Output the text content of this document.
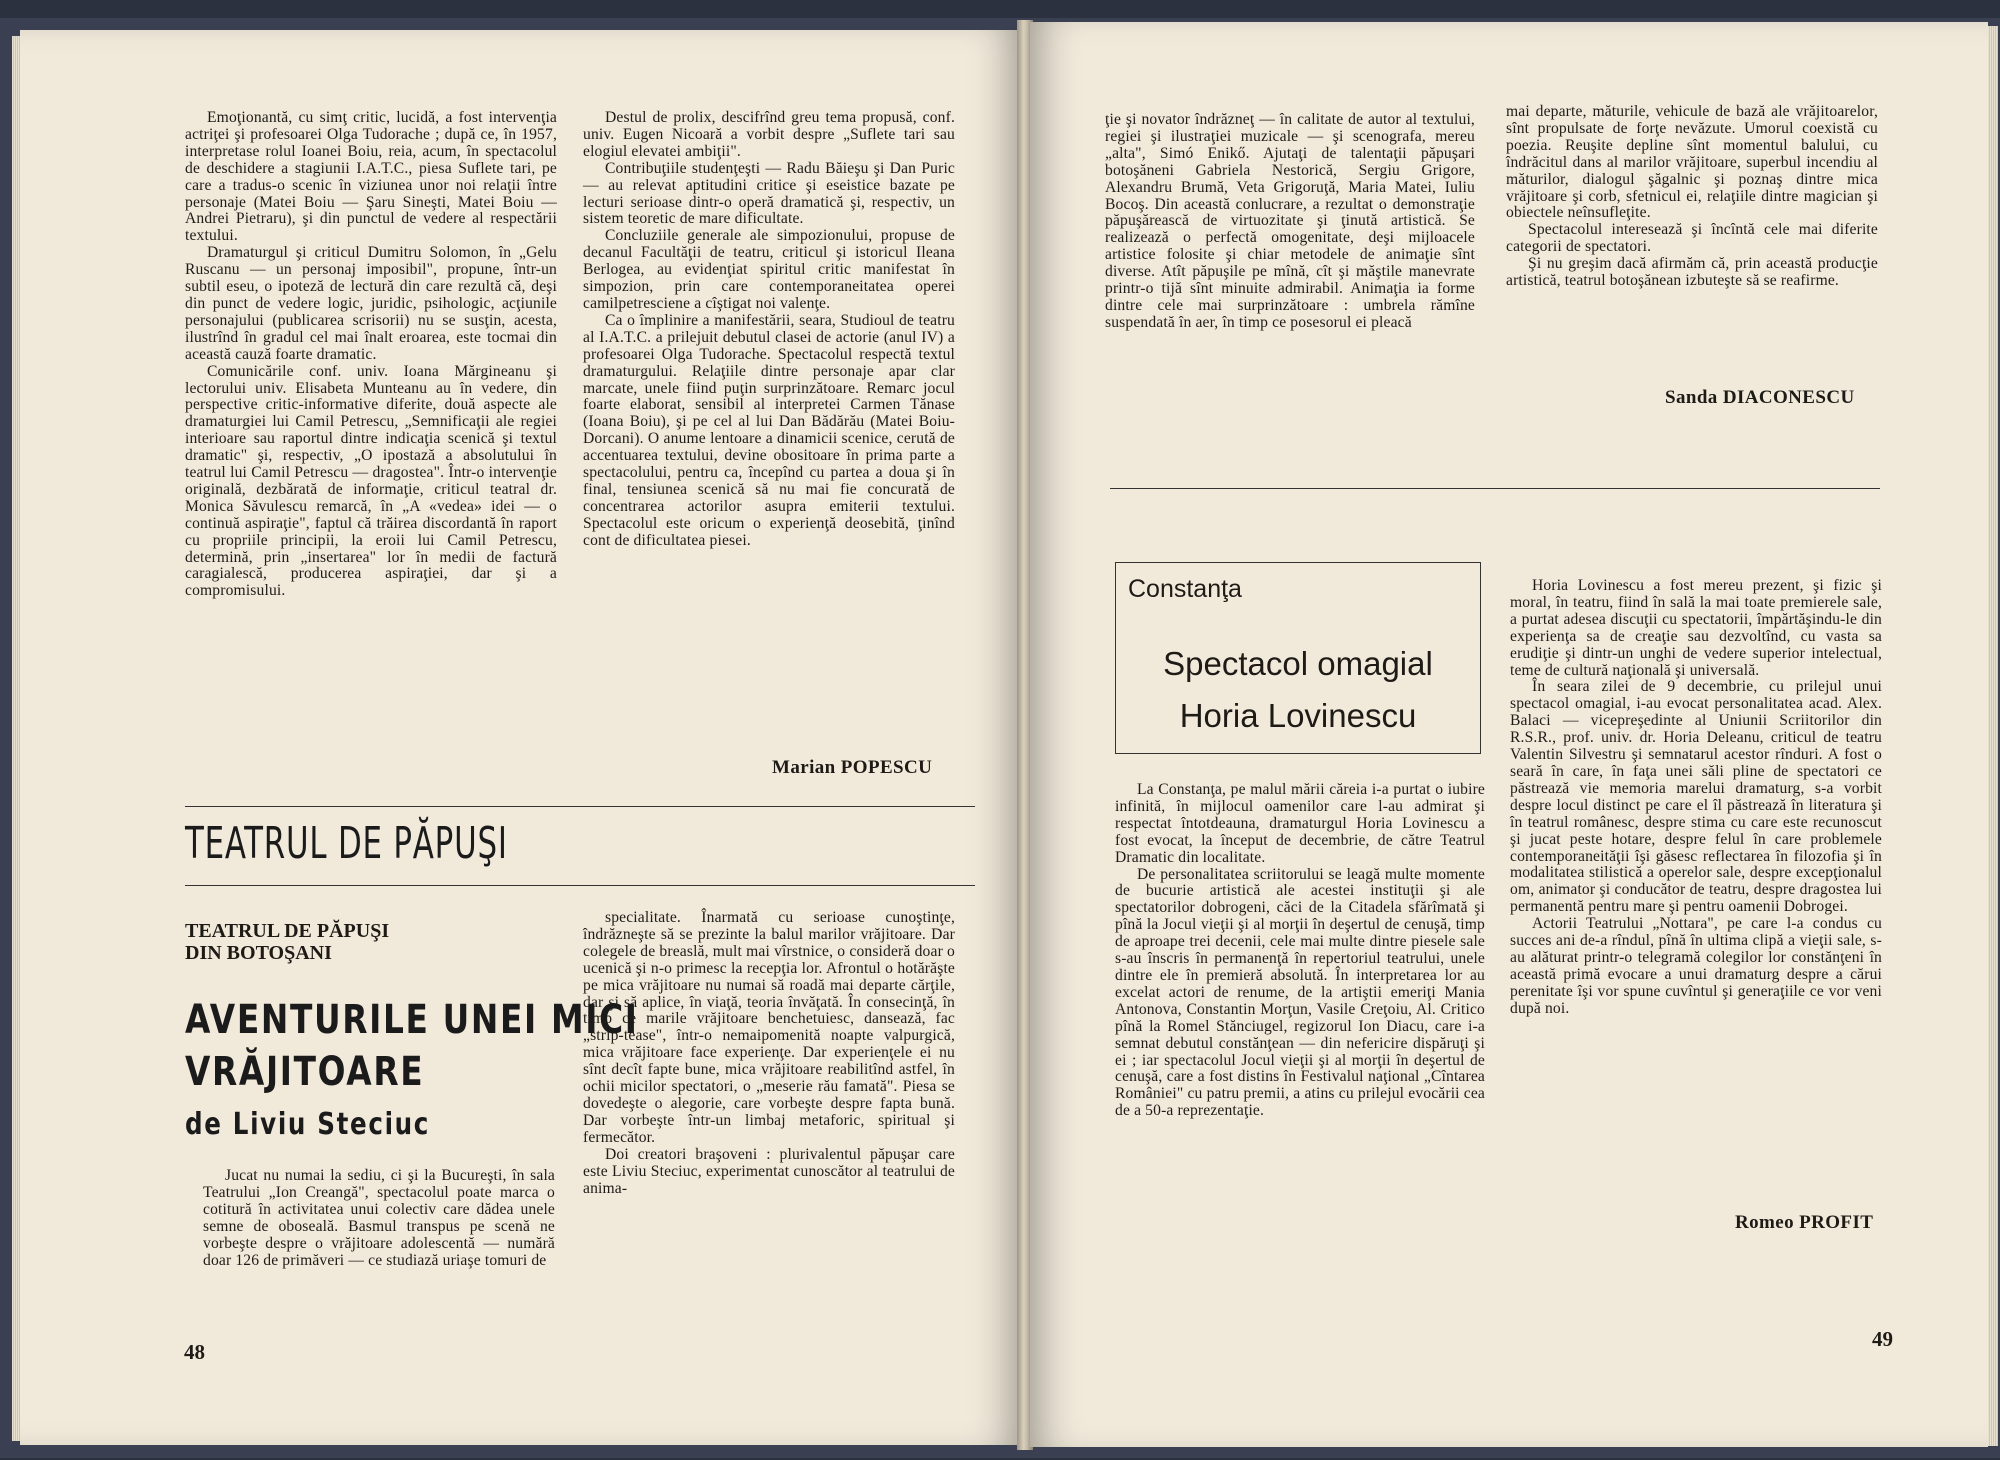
Emoţionantă, cu simţ critic, lucidă, a fost intervenţia actriţei şi profesoarei Olga Tudorache ; după ce, în 1957, interpretase rolul Ioanei Boiu, reia, acum, în spectacolul de deschidere a stagiunii I.A.T.C., piesa Suflete tari, pe care a tradus-o scenic în viziunea unor noi relaţii între personaje (Matei Boiu — Şaru Sineşti, Matei Boiu — Andrei Pietraru), şi din punctul de vedere al respectării textului.

Dramaturgul şi criticul Dumitru Solomon, în „Gelu Ruscanu — un personaj imposibil", propune, într-un subtil eseu, o ipoteză de lectură din care rezultă că, deşi din punct de vedere logic, juridic, psihologic, acţiunile personajului (publicarea scrisorii) nu se susţin, acesta, ilustrînd în gradul cel mai înalt eroarea, este tocmai din această cauză foarte dramatic.

Comunicările conf. univ. Ioana Mărgineanu şi lectorului univ. Elisabeta Munteanu au în vedere, din perspective critic-informative diferite, două aspecte ale dramaturgiei lui Camil Petrescu, „Semnificaţii ale regiei interioare sau raportul dintre indicaţia scenică şi textul dramatic" şi, respectiv, „O ipostază a absolutului în teatrul lui Camil Petrescu — dragostea". Într-o intervenţie originală, dezbărată de informaţie, criticul teatral dr. Monica Săvulescu remarcă, în „A «vedea» idei — o continuă aspiraţie", faptul că trăirea discordantă în raport cu propriile principii, la eroii lui Camil Petrescu, determină, prin „insertarea" lor în medii de factură caragialescă, producerea aspiraţiei, dar şi a compromisului.

Destul de prolix, descifrînd greu tema propusă, conf. univ. Eugen Nicoară a vorbit despre „Suflete tari sau elogiul elevatei ambiţii".

Contribuţiile studenţeşti — Radu Băieşu şi Dan Puric — au relevat aptitudini critice şi eseistice bazate pe lecturi serioase dintr-o operă dramatică şi, respectiv, un sistem teoretic de mare dificultate.

Concluziile generale ale simpozionului, propuse de decanul Facultăţii de teatru, criticul şi istoricul Ileana Berlogea, au evidenţiat spiritul critic manifestat în simpozion, prin care contemporaneitatea operei camilpetresciene a cîştigat noi valenţe.

Ca o împlinire a manifestării, seara, Studioul de teatru al I.A.T.C. a prilejuit debutul clasei de actorie (anul IV) a profesoarei Olga Tudorache. Spectacolul respectă textul dramaturgului. Relaţiile dintre personaje apar clar marcate, unele fiind puţin surprinzătoare. Remarc jocul foarte elaborat, sensibil al interpretei Carmen Tănase (Ioana Boiu), şi pe cel al lui Dan Bădărău (Matei Boiu-Dorcani). O anume lentoare a dinamicii scenice, cerută de accentuarea textului, devine obositoare în prima parte a spectacolului, pentru ca, începînd cu partea a doua şi în final, tensiunea scenică să nu mai fie concurată de concentrarea actorilor asupra emiterii textului. Spectacolul este oricum o experienţă deosebită, ţinînd cont de dificultatea piesei.

Marian POPESCU
TEATRUL DE PĂPUŞI
TEATRUL DE PĂPUŞI
DIN BOTOŞANI
AVENTURILE UNEI MICI
VRĂJITOARE
de Liviu Steciuc

Jucat nu numai la sediu, ci şi la Bucureşti, în sala Teatrului „Ion Creangă", spectacolul poate marca o cotitură în activitatea unui colectiv care dădea unele semne de oboseală. Basmul transpus pe scenă ne vorbeşte despre o vrăjitoare adolescentă — numără doar 126 de primăveri — ce studiază uriaşe tomuri de

specialitate. Înarmată cu serioase cunoştinţe, îndrăzneşte să se prezinte la balul marilor vrăjitoare. Dar colegele de breaslă, mult mai vîrstnice, o consideră doar o ucenică şi n-o primesc la recepţia lor. Afrontul o hotărăşte pe mica vrăjitoare nu numai să roadă mai departe cărţile, dar şi să aplice, în viaţă, teoria învăţată. În consecinţă, în timp ce marile vrăjitoare benchetuiesc, dansează, fac „strip-tease", într-o nemaipomenită noapte valpurgică, mica vrăjitoare face experienţe. Dar experienţele ei nu sînt decît fapte bune, mica vrăjitoare reabilitînd astfel, în ochii micilor spectatori, o „meserie rău famată". Piesa se dovedeşte o alegorie, care vorbeşte despre fapta bună. Dar vorbeşte într-un limbaj metaforic, spiritual şi fermecător.

Doi creatori braşoveni : plurivalentul păpuşar care este Liviu Steciuc, experimentat cunoscător al teatrului de anima-

48

ţie şi novator îndrăzneţ — în calitate de autor al textului, regiei şi ilustraţiei muzicale — şi scenografa, mereu „alta", Simó Enikő. Ajutaţi de talentaţii păpuşari botoşăneni Gabriela Nestorică, Sergiu Grigore, Alexandru Brumă, Veta Grigoruţă, Maria Matei, Iuliu Bocoş. Din această conlucrare, a rezultat o demonstraţie păpuşărească de virtuozitate şi ţinută artistică. Se realizează o perfectă omogenitate, deşi mijloacele artistice folosite şi chiar metodele de animaţie sînt diverse. Atît păpuşile pe mînă, cît şi măştile manevrate printr-o tijă sînt minuite admirabil. Animaţia ia forme dintre cele mai surprinzătoare : umbrela rămîne suspendată în aer, în timp ce posesorul ei pleacă

mai departe, măturile, vehicule de bază ale vrăjitoarelor, sînt propulsate de forţe nevăzute. Umorul coexistă cu poezia. Reuşite depline sînt momentul balului, cu îndrăcitul dans al marilor vrăjitoare, superbul incendiu al măturilor, dialogul şăgalnic şi poznaş dintre mica vrăjitoare şi corb, sfetnicul ei, relaţiile dintre magician şi obiectele neînsufleţite.

Spectacolul interesează şi încîntă cele mai diferite categorii de spectatori.

Şi nu greşim dacă afirmăm că, prin această producţie artistică, teatrul botoşănean izbuteşte să se reafirme.

Sanda DIACONESCU
Constanţa
Spectacol omagial
Horia Lovinescu

La Constanţa, pe malul mării căreia i-a purtat o iubire infinită, în mijlocul oamenilor care l-au admirat şi respectat întotdeauna, dramaturgul Horia Lovinescu a fost evocat, la început de decembrie, de către Teatrul Dramatic din localitate.

De personalitatea scriitorului se leagă multe momente de bucurie artistică ale acestei instituţii şi ale spectatorilor dobrogeni, căci de la Citadela sfărîmată şi pînă la Jocul vieţii şi al morţii în deşertul de cenuşă, timp de aproape trei decenii, cele mai multe dintre piesele sale s-au înscris în permanenţă în repertoriul teatrului, unele dintre ele în premieră absolută. În interpretarea lor au excelat actori de renume, de la artiştii emeriţi Mania Antonova, Constantin Morţun, Vasile Creţoiu, Al. Critico pînă la Romel Stănciugel, regizorul Ion Diacu, care i-a semnat debutul constănţean — din nefericire dispăruţi şi ei ; iar spectacolul Jocul vieţii şi al morţii în deşertul de cenuşă, care a fost distins în Festivalul naţional „Cîntarea României" cu patru premii, a atins cu prilejul evocării cea de a 50-a reprezentaţie.

Horia Lovinescu a fost mereu prezent, şi fizic şi moral, în teatru, fiind în sală la mai toate premierele sale, a purtat adesea discuţii cu spectatorii, împărtăşindu-le din experienţa sa de creaţie sau dezvoltînd, cu vasta sa erudiţie şi dintr-un unghi de vedere superior intelectual, teme de cultură naţională şi universală.

În seara zilei de 9 decembrie, cu prilejul unui spectacol omagial, i-au evocat personalitatea acad. Alex. Balaci — vicepreşedinte al Uniunii Scriitorilor din R.S.R., prof. univ. dr. Horia Deleanu, criticul de teatru Valentin Silvestru şi semnatarul acestor rînduri. A fost o seară în care, în faţa unei săli pline de spectatori ce păstrează vie memoria marelui dramaturg, s-a vorbit despre locul distinct pe care el îl păstrează în literatura şi în teatrul românesc, despre stima cu care este recunoscut şi jucat peste hotare, despre felul în care problemele contemporaneităţii îşi găsesc reflectarea în filozofia şi în modalitatea stilistică a operelor sale, despre excepţionalul om, animator şi conducător de teatru, despre dragostea lui permanentă pentru mare şi pentru oamenii Dobrogei.

Actorii Teatrului „Nottara", pe care l-a condus cu succes ani de-a rîndul, pînă în ultima clipă a vieţii sale, s-au alăturat printr-o telegramă colegilor lor constănţeni în această primă evocare a unui dramaturg despre a cărui perenitate îşi vor spune cuvîntul şi generaţiile ce vor veni după noi.

Romeo PROFIT
49
